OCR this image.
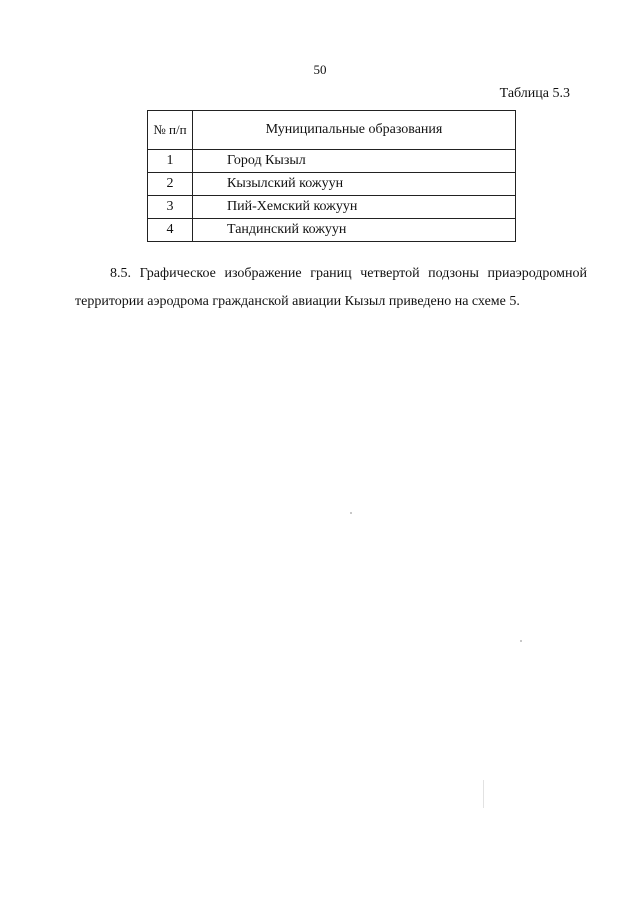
50
Таблица 5.3
№ п/п	Муниципальные образования
1	Город Кызыл
2	Кызылский кожуун
3	Пий-Хемский кожуун
4	Тандинский кожуун

8.5. Графическое изображение границ четвертой подзоны приаэродромной территории аэродрома гражданской авиации Кызыл приведено на схеме 5.
